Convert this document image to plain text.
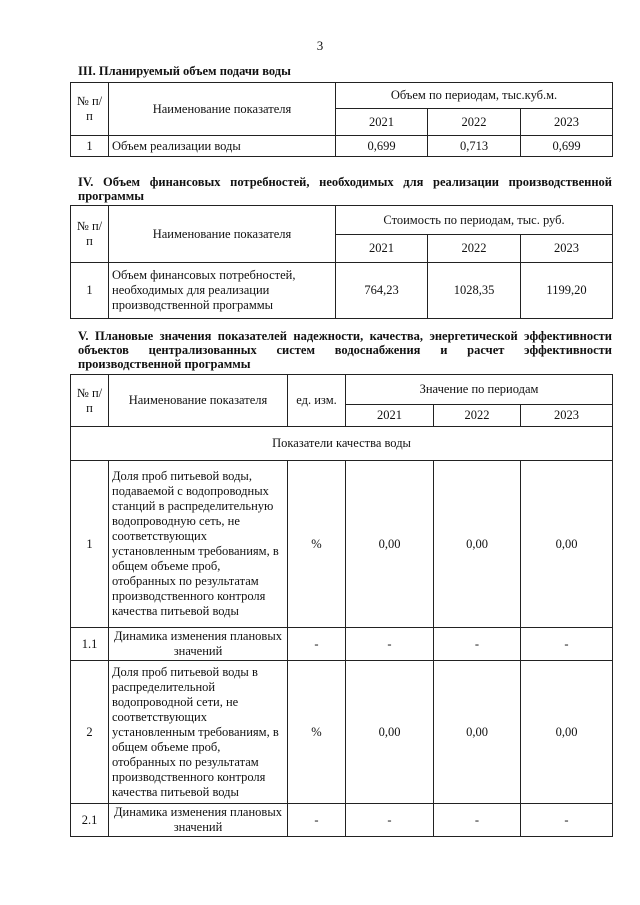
3
III. Планируемый объем подачи воды
№ п/п	Наименование показателя	Объем по периодам, тыс.куб.м.		
		2021	2022	2023
1	Объем реализации воды	0,699	0,713	0,699
IV. Объем финансовых потребностей, необходимых для реализации производственной программы
№ п/п	Наименование показателя	Стоимость по периодам, тыс. руб.		
		2021	2022	2023
1	Объем финансовых потребностей, необходимых для реализации производственной программы	764,23	1028,35	1199,20
V. Плановые значения показателей надежности, качества, энергетической эффективности объектов централизованных систем водоснабжения и расчет эффективности производственной программы
№ п/п	Наименование показателя	ед. изм.	Значение по периодам		
			2021	2022	2023
Показатели качества воды					
1	Доля проб питьевой воды, подаваемой с водопроводных станций в распределительную водопроводную сеть, не соответствующих установленным требованиям, в общем объеме проб, отобранных по результатам производственного контроля качества питьевой воды	%	0,00	0,00	0,00
1.1	Динамика изменения плановых значений	-	-	-	-
2	Доля проб питьевой воды в распределительной водопроводной сети, не соответствующих установленным требованиям, в общем объеме проб, отобранных по результатам производственного контроля качества питьевой воды	%	0,00	0,00	0,00
2.1	Динамика изменения плановых значений	-	-	-	-
